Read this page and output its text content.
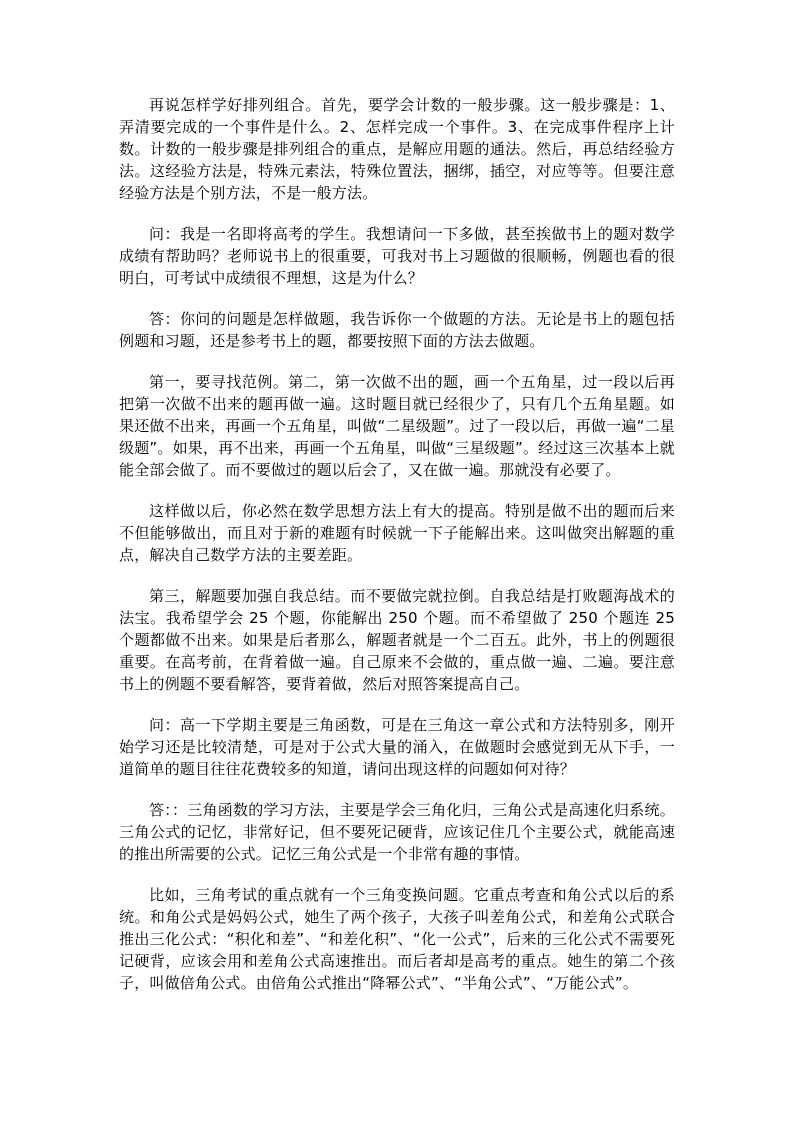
再说怎样学好排列组合。首先，要学会计数的一般步骤。这一般步骤是：1、弄清要完成的一个事件是什么。2、怎样完成一个事件。3、在完成事件程序上计数。计数的一般步骤是排列组合的重点，是解应用题的通法。然后，再总结经验方法。这经验方法是，特殊元素法，特殊位置法，捆绑，插空，对应等等。但要注意经验方法是个别方法，不是一般方法。

问：我是一名即将高考的学生。我想请问一下多做，甚至挨做书上的题对数学成绩有帮助吗？老师说书上的很重要，可我对书上习题做的很顺畅，例题也看的很明白，可考试中成绩很不理想，这是为什么？

答：你问的问题是怎样做题，我告诉你一个做题的方法。无论是书上的题包括例题和习题，还是参考书上的题，都要按照下面的方法去做题。

第一，要寻找范例。第二，第一次做不出的题，画一个五角星，过一段以后再把第一次做不出来的题再做一遍。这时题目就已经很少了，只有几个五角星题。如果还做不出来，再画一个五角星，叫做“二星级题”。过了一段以后，再做一遍“二星级题”。如果，再不出来，再画一个五角星，叫做“三星级题”。经过这三次基本上就能全部会做了。而不要做过的题以后会了，又在做一遍。那就没有必要了。

这样做以后，你必然在数学思想方法上有大的提高。特别是做不出的题而后来不但能够做出，而且对于新的难题有时候就一下子能解出来。这叫做突出解题的重点，解决自己数学方法的主要差距。

第三，解题要加强自我总结。而不要做完就拉倒。自我总结是打败题海战术的法宝。我希望学会 25 个题，你能解出 250 个题。而不希望做了 250 个题连 25 个题都做不出来。如果是后者那么，解题者就是一个二百五。此外，书上的例题很重要。在高考前，在背着做一遍。自己原来不会做的，重点做一遍、二遍。要注意书上的例题不要看解答，要背着做，然后对照答案提高自己。

问：高一下学期主要是三角函数，可是在三角这一章公式和方法特别多，刚开始学习还是比较清楚，可是对于公式大量的涌入，在做题时会感觉到无从下手，一道简单的题目往往花费较多的知道，请问出现这样的问题如何对待？

答：：三角函数的学习方法，主要是学会三角化归，三角公式是高速化归系统。三角公式的记忆，非常好记，但不要死记硬背，应该记住几个主要公式，就能高速的推出所需要的公式。记忆三角公式是一个非常有趣的事情。

比如，三角考试的重点就有一个三角变换问题。它重点考查和角公式以后的系统。和角公式是妈妈公式，她生了两个孩子，大孩子叫差角公式，和差角公式联合推出三化公式：“积化和差”、“和差化积”、“化一公式”，后来的三化公式不需要死记硬背，应该会用和差角公式高速推出。而后者却是高考的重点。她生的第二个孩子，叫做倍角公式。由倍角公式推出“降幂公式”、“半角公式”、“万能公式”。
